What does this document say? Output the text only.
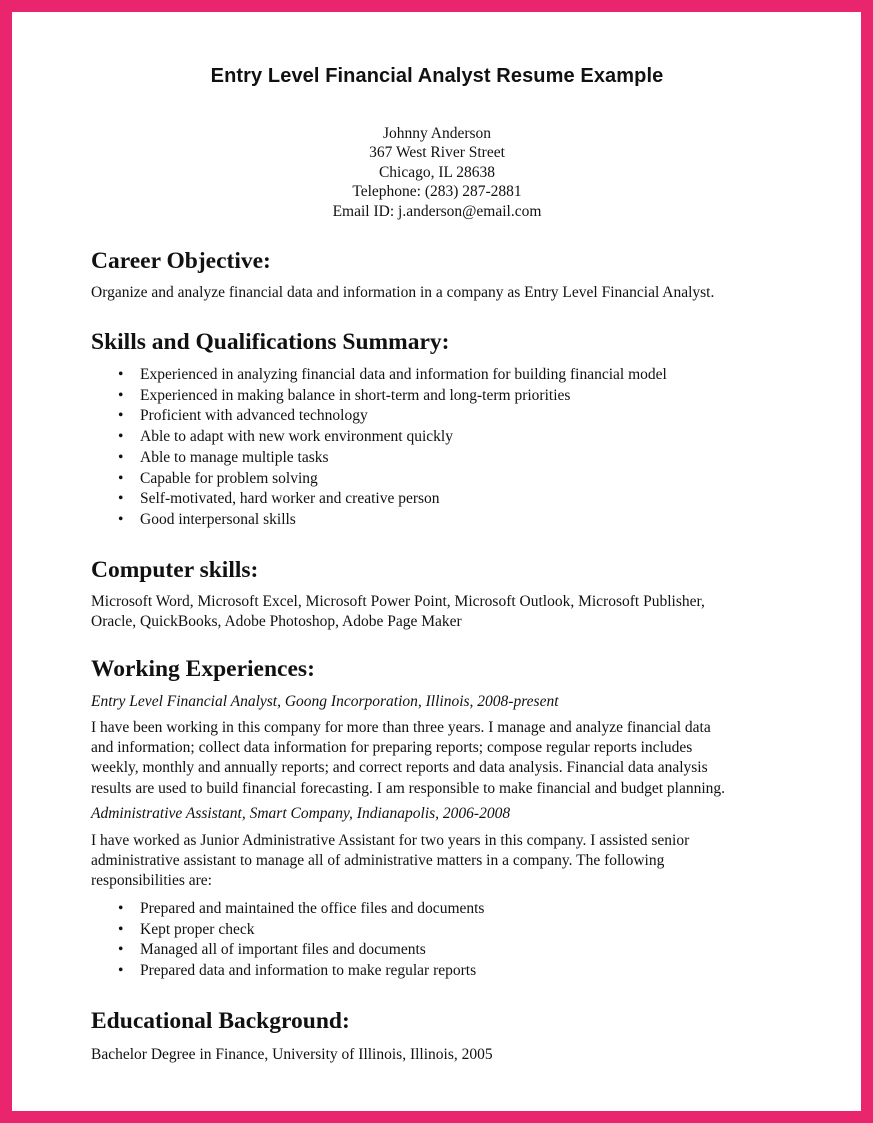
Entry Level Financial Analyst Resume Example
Johnny Anderson
367 West River Street
Chicago, IL 28638
Telephone: (283) 287-2881
Email ID: j.anderson@email.com
Career Objective:

Organize and analyze financial data and information in a company as Entry Level Financial Analyst.

Skills and Qualifications Summary:
• Experienced in analyzing financial data and information for building financial model
• Experienced in making balance in short-term and long-term priorities
• Proficient with advanced technology
• Able to adapt with new work environment quickly
• Able to manage multiple tasks
• Capable for problem solving
• Self-motivated, hard worker and creative person
• Good interpersonal skills
Computer skills:

Microsoft Word, Microsoft Excel, Microsoft Power Point, Microsoft Outlook, Microsoft Publisher,
Oracle, QuickBooks, Adobe Photoshop, Adobe Page Maker

Working Experiences:
Entry Level Financial Analyst, Goong Incorporation, Illinois, 2008-present

I have been working in this company for more than three years. I manage and analyze financial data
and information; collect data information for preparing reports; compose regular reports includes
weekly, monthly and annually reports; and correct reports and data analysis. Financial data analysis
results are used to build financial forecasting. I am responsible to make financial and budget planning.

Administrative Assistant, Smart Company, Indianapolis, 2006-2008

I have worked as Junior Administrative Assistant for two years in this company. I assisted senior
administrative assistant to manage all of administrative matters in a company. The following
responsibilities are:

• Prepared and maintained the office files and documents
• Kept proper check
• Managed all of important files and documents
• Prepared data and information to make regular reports
Educational Background:

Bachelor Degree in Finance, University of Illinois, Illinois, 2005
